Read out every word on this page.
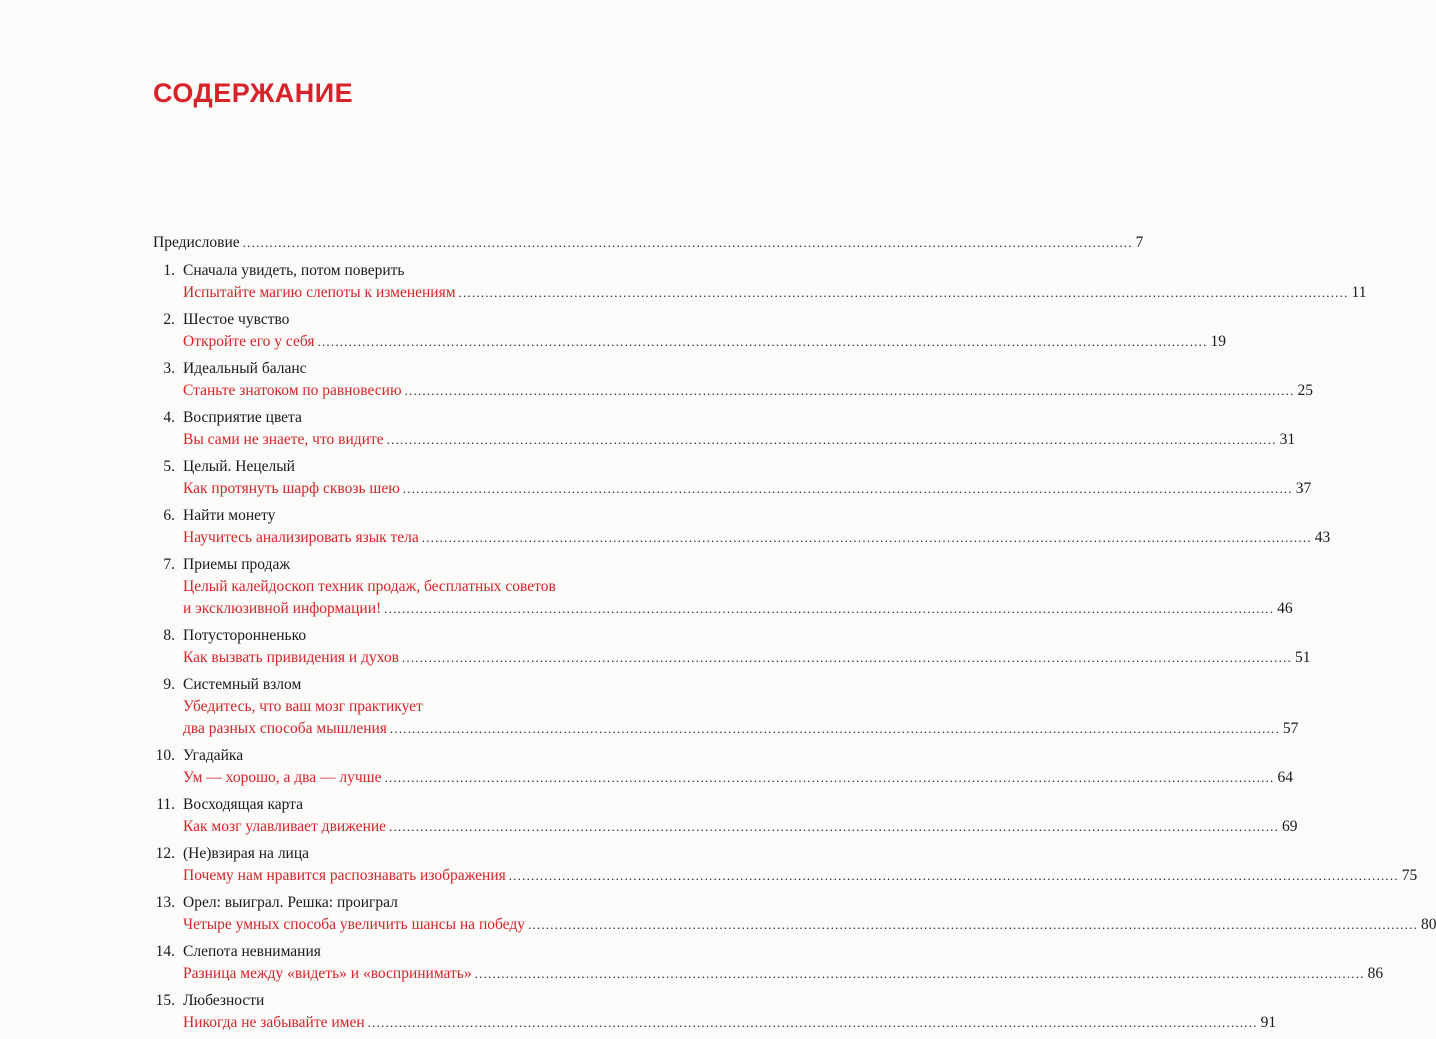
СОДЕРЖАНИЕ
Предисловие ........................................................................................................................................................................................................ 7
1. Сначала увидеть, потом поверить
Испытайте магию слепоты к изменениям ........................................................................................................................................................................................................ 11
2. Шестое чувство
Откройте его у себя ........................................................................................................................................................................................................ 19
3. Идеальный баланс
Станьте знатоком по равновесию ........................................................................................................................................................................................................ 25
4. Восприятие цвета
Вы сами не знаете, что видите ........................................................................................................................................................................................................ 31
5. Целый. Нецелый
Как протянуть шарф сквозь шею ........................................................................................................................................................................................................ 37
6. Найти монету
Научитесь анализировать язык тела ........................................................................................................................................................................................................ 43
7. Приемы продаж
Целый калейдоскоп техник продаж, бесплатных советов
и эксклюзивной информации! ........................................................................................................................................................................................................ 46
8. Потусторонненько
Как вызвать привидения и духов ........................................................................................................................................................................................................ 51
9. Системный взлом
Убедитесь, что ваш мозг практикует
два разных способа мышления ........................................................................................................................................................................................................ 57
10. Угадайка
Ум — хорошо, а два — лучше ........................................................................................................................................................................................................ 64
11. Восходящая карта
Как мозг улавливает движение ........................................................................................................................................................................................................ 69
12. (Не)взирая на лица
Почему нам нравится распознавать изображения ........................................................................................................................................................................................................ 75
13. Орел: выиграл. Решка: проиграл
Четыре умных способа увеличить шансы на победу ........................................................................................................................................................................................................ 80
14. Слепота невнимания
Разница между «видеть» и «воспринимать» ........................................................................................................................................................................................................ 86
15. Любезности
Никогда не забывайте имен ........................................................................................................................................................................................................ 91
